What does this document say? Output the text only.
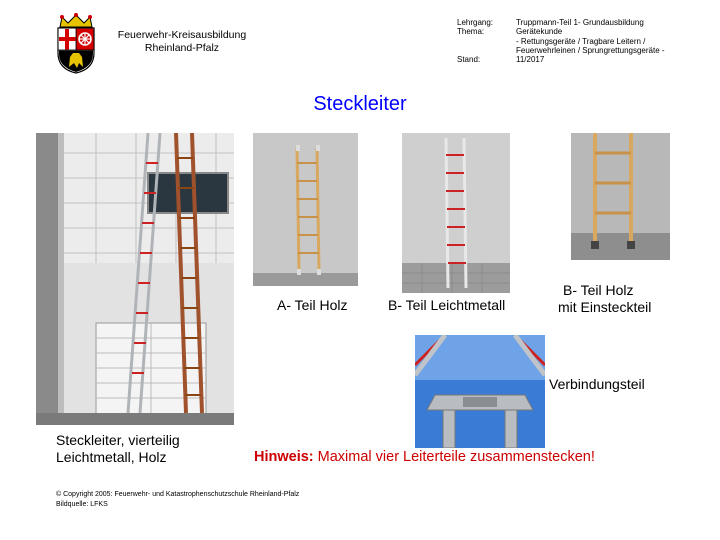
Feuerwehr-Kreisausbildung
Rheinland-Pfalz
Lehrgang:	Truppmann-Teil 1- Grundausbildung
Thema:	Gerätekunde
- Rettungsgeräte / Tragbare Leitern /
Feuerwehrleinen / Sprungrettungsgeräte -
Stand:	11/2017
Steckleiter
A- Teil Holz	B- Teil Leichtmetall
B- Teil Holz
mit Einsteckteil
Verbindungsteil
Steckleiter, vierteilig
Leichtmetall, Holz	Hinweis: Maximal vier Leiterteile zusammenstecken!
© Copyright 2005: Feuerwehr- und Katastrophenschutzschule Rheinland-Pfalz
Bildquelle: LFKS
